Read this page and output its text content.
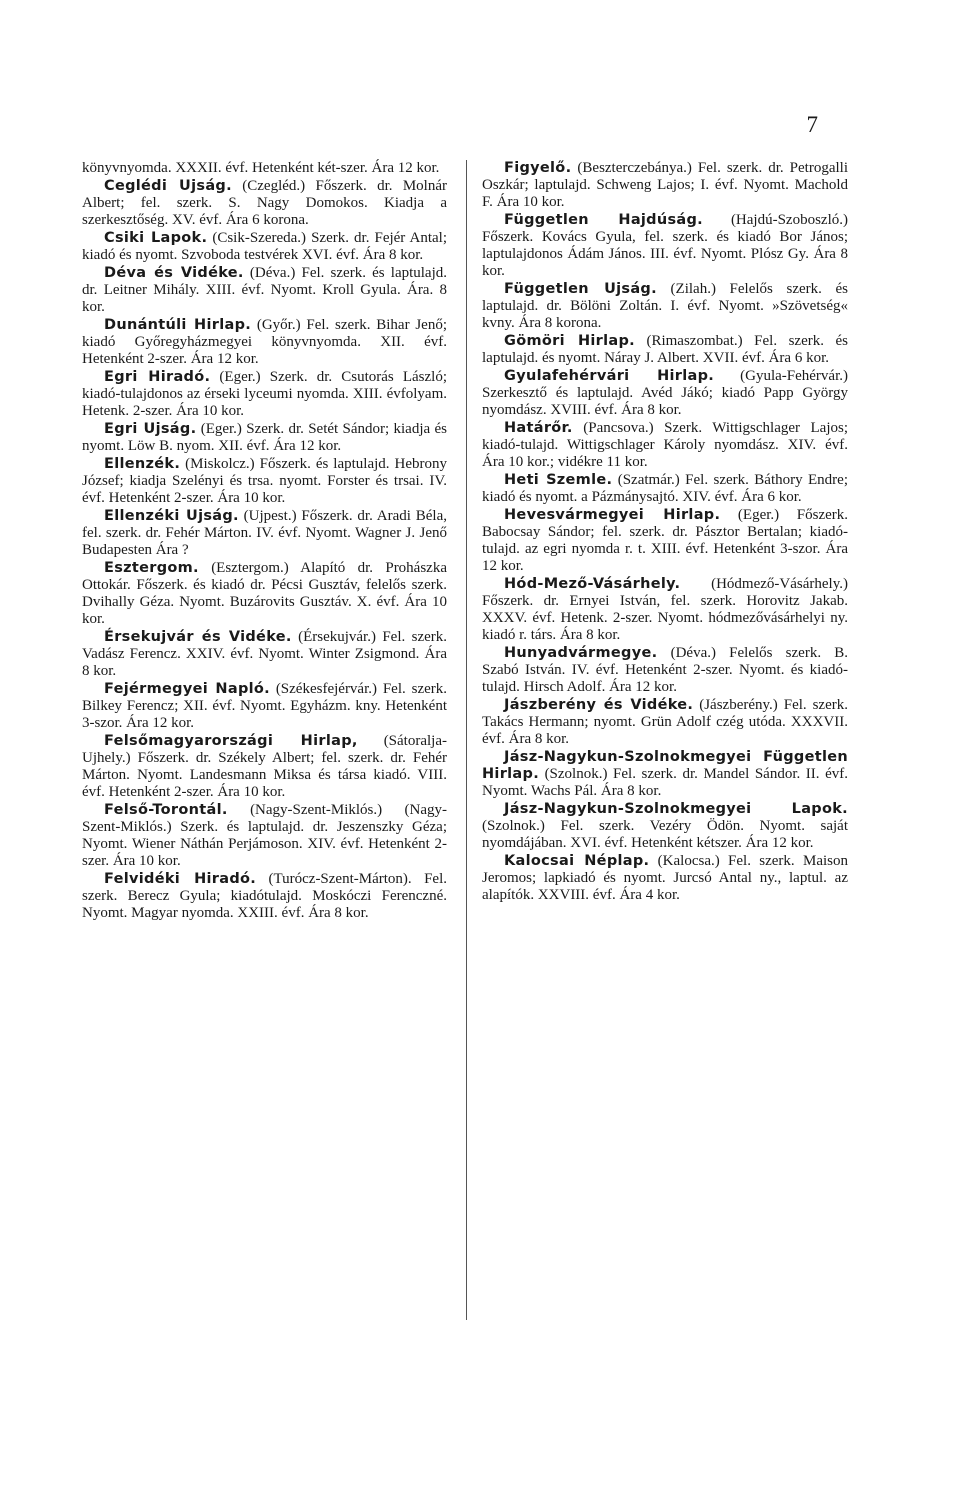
7

könyvnyomda. XXXII. évf. Hetenként két-szer. Ára 12 kor.

Ceglédi Ujság. (Czegléd.) Főszerk. dr. Molnár Albert; fel. szerk. S. Nagy Domokos. Kiadja a szerkesztőség. XV. évf. Ára 6 korona.

Csiki Lapok. (Csik-Szereda.) Szerk. dr. Fejér Antal; kiadó és nyomt. Szvoboda testvérek XVI. évf. Ára 8 kor.

Déva és Vidéke. (Déva.) Fel. szerk. és laptulajd. dr. Leitner Mihály. XIII. évf. Nyomt. Kroll Gyula. Ára. 8 kor.

Dunántúli Hirlap. (Győr.) Fel. szerk. Bihar Jenő; kiadó Győregyházmegyei könyvnyomda. XII. évf. Hetenként 2-szer. Ára 12 kor.

Egri Hiradó. (Eger.) Szerk. dr. Csutorás László; kiadó-tulajdonos az érseki lyceumi nyomda. XIII. évfolyam. Hetenk. 2-szer. Ára 10 kor.

Egri Ujság. (Eger.) Szerk. dr. Setét Sándor; kiadja és nyomt. Löw B. nyom. XII. évf. Ára 12 kor.

Ellenzék. (Miskolcz.) Főszerk. és laptulajd. Hebrony József; kiadja Szelényi és trsa. nyomt. Forster és trsai. IV. évf. Hetenként 2-szer. Ára 10 kor.

Ellenzéki Ujság. (Ujpest.) Főszerk. dr. Aradi Béla, fel. szerk. dr. Fehér Márton. IV. évf. Nyomt. Wagner J. Jenő Budapesten Ára ?

Esztergom. (Esztergom.) Alapító dr. Prohászka Ottokár. Főszerk. és kiadó dr. Pécsi Gusztáv, felelős szerk. Dvihally Géza. Nyomt. Buzárovits Gusztáv. X. évf. Ára 10 kor.

Érsekujvár és Vidéke. (Érsekujvár.) Fel. szerk. Vadász Ferencz. XXIV. évf. Nyomt. Winter Zsigmond. Ára 8 kor.

Fejérmegyei Napló. (Székesfejérvár.) Fel. szerk. Bilkey Ferencz; XII. évf. Nyomt. Egyházm. kny. Hetenként 3-szor. Ára 12 kor.

Felsőmagyarországi Hirlap, (Sátoralja-Ujhely.) Főszerk. dr. Székely Albert; fel. szerk. dr. Fehér Márton. Nyomt. Landesmann Miksa és társa kiadó. VIII. évf. Hetenként 2-szer. Ára 10 kor.

Felső-Torontál. (Nagy-Szent-Miklós.) (Nagy-Szent-Miklós.) Szerk. és laptulajd. dr. Jeszenszky Géza; Nyomt. Wiener Náthán Perjámoson. XIV. évf. Hetenként 2-szer. Ára 10 kor.

Felvidéki Hiradó. (Turócz-Szent-Márton). Fel. szerk. Berecz Gyula; kiadótulajd. Moskóczi Ferenczné. Nyomt. Magyar nyomda. XXIII. évf. Ára 8 kor.

Figyelő. (Beszterczebánya.) Fel. szerk. dr. Petrogalli Oszkár; laptulajd. Schweng Lajos; I. évf. Nyomt. Machold F. Ára 10 kor.

Független Hajdúság. (Hajdú-Szoboszló.) Főszerk. Kovács Gyula, fel. szerk. és kiadó Bor János; laptulajdonos Ádám János. III. évf. Nyomt. Plósz Gy. Ára 8 kor.

Független Ujság. (Zilah.) Felelős szerk. és laptulajd. dr. Bölöni Zoltán. I. évf. Nyomt. »Szövetség« kvny. Ára 8 korona.

Gömöri Hirlap. (Rimaszombat.) Fel. szerk. és laptulajd. és nyomt. Náray J. Albert. XVII. évf. Ára 6 kor.

Gyulafehérvári Hirlap. (Gyula-Fehérvár.) Szerkesztő és laptulajd. Avéd Jákó; kiadó Papp György nyomdász. XVIII. évf. Ára 8 kor.

Határőr. (Pancsova.) Szerk. Wittigschlager Lajos; kiadó-tulajd. Wittigschlager Károly nyomdász. XIV. évf. Ára 10 kor.; vidékre 11 kor.

Heti Szemle. (Szatmár.) Fel. szerk. Báthory Endre; kiadó és nyomt. a Pázmánysajtó. XIV. évf. Ára 6 kor.

Hevesvármegyei Hirlap. (Eger.) Főszerk. Babocsay Sándor; fel. szerk. dr. Pásztor Bertalan; kiadó-tulajd. az egri nyomda r. t. XIII. évf. Hetenként 3-szor. Ára 12 kor.

Hód-Mező-Vásárhely. (Hódmező-Vásárhely.) Főszerk. dr. Ernyei István, fel. szerk. Horovitz Jakab. XXXV. évf. Hetenk. 2-szer. Nyomt. hódmezővásárhelyi ny. kiadó r. társ. Ára 8 kor.

Hunyadvármegye. (Déva.) Felelős szerk. B. Szabó István. IV. évf. Hetenként 2-szer. Nyomt. és kiadó-tulajd. Hirsch Adolf. Ára 12 kor.

Jászberény és Vidéke. (Jászberény.) Fel. szerk. Takács Hermann; nyomt. Grün Adolf czég utóda. XXXVII. évf. Ára 8 kor.

Jász-Nagykun-Szolnokmegyei Független Hirlap. (Szolnok.) Fel. szerk. dr. Mandel Sándor. II. évf. Nyomt. Wachs Pál. Ára 8 kor.

Jász-Nagykun-Szolnokmegyei Lapok. (Szolnok.) Fel. szerk. Vezéry Ödön. Nyomt. saját nyomdájában. XVI. évf. Hetenként kétszer. Ára 12 kor.

Kalocsai Néplap. (Kalocsa.) Fel. szerk. Maison Jeromos; lapkiadó és nyomt. Jurcsó Antal ny., laptul. az alapítók. XXVIII. évf. Ára 4 kor.
